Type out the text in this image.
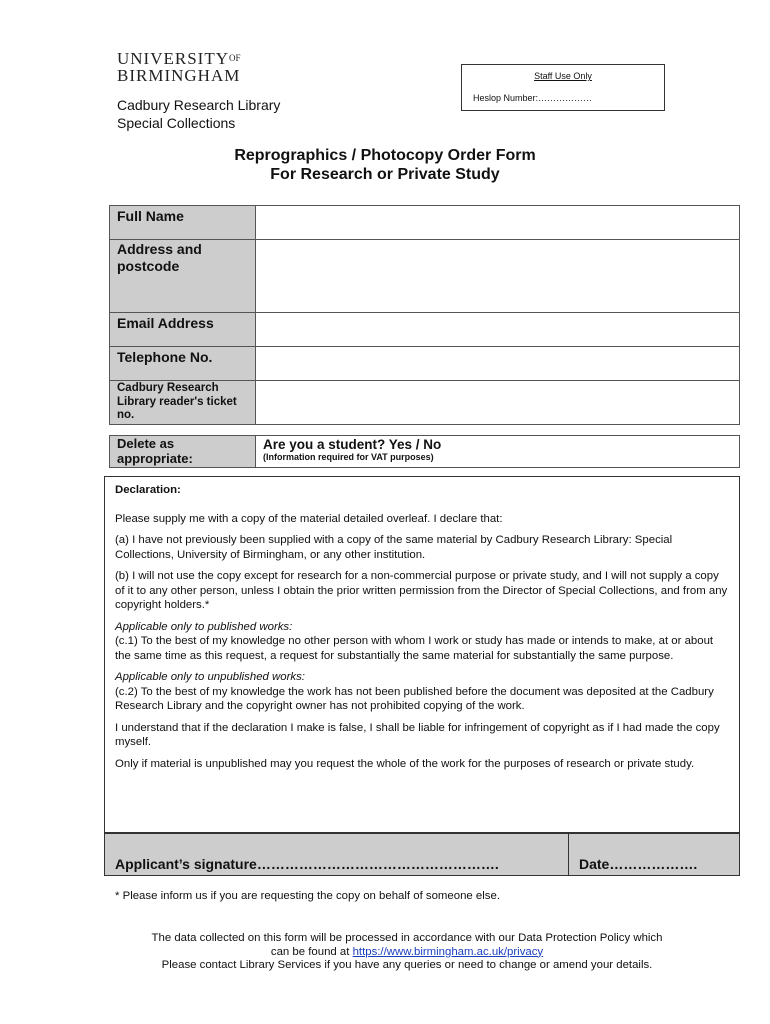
$UNIVERSITY^{OF}$
BIRMINGHAM
Cadbury Research Library
Special Collections
Staff Use Only
Heslop Number:………………
Reprographics / Photocopy Order Form
For Research or Private Study
Full Name
Address and postcode
Email Address
Telephone No.
Cadbury Research Library reader's ticket no.
Delete as appropriate:
Are you a student? Yes / No
(Information required for VAT purposes)

Declaration:

Please supply me with a copy of the material detailed overleaf. I declare that:

(a) I have not previously been supplied with a copy of the same material by Cadbury Research Library: Special Collections, University of Birmingham, or any other institution.

(b) I will not use the copy except for research for a non-commercial purpose or private study, and I will not supply a copy of it to any other person, unless I obtain the prior written permission from the Director of Special Collections, and from any copyright holders.*

Applicable only to published works:

(c.1) To the best of my knowledge no other person with whom I work or study has made or intends to make, at or about the same time as this request, a request for substantially the same material for substantially the same purpose.

Applicable only to unpublished works:

(c.2) To the best of my knowledge the work has not been published before the document was deposited at the Cadbury Research Library and the copyright owner has not prohibited copying of the work.

I understand that if the declaration I make is false, I shall be liable for infringement of copyright as if I had made the copy myself.

Only if material is unpublished may you request the whole of the work for the purposes of research or private study.

Applicant’s signature…………………………………………….	Date……………….
* Please inform us if you are requesting the copy on behalf of someone else.
The data collected on this form will be processed in accordance with our Data Protection Policy which
can be found at https://www.birmingham.ac.uk/privacy
Please contact Library Services if you have any queries or need to change or amend your details.
